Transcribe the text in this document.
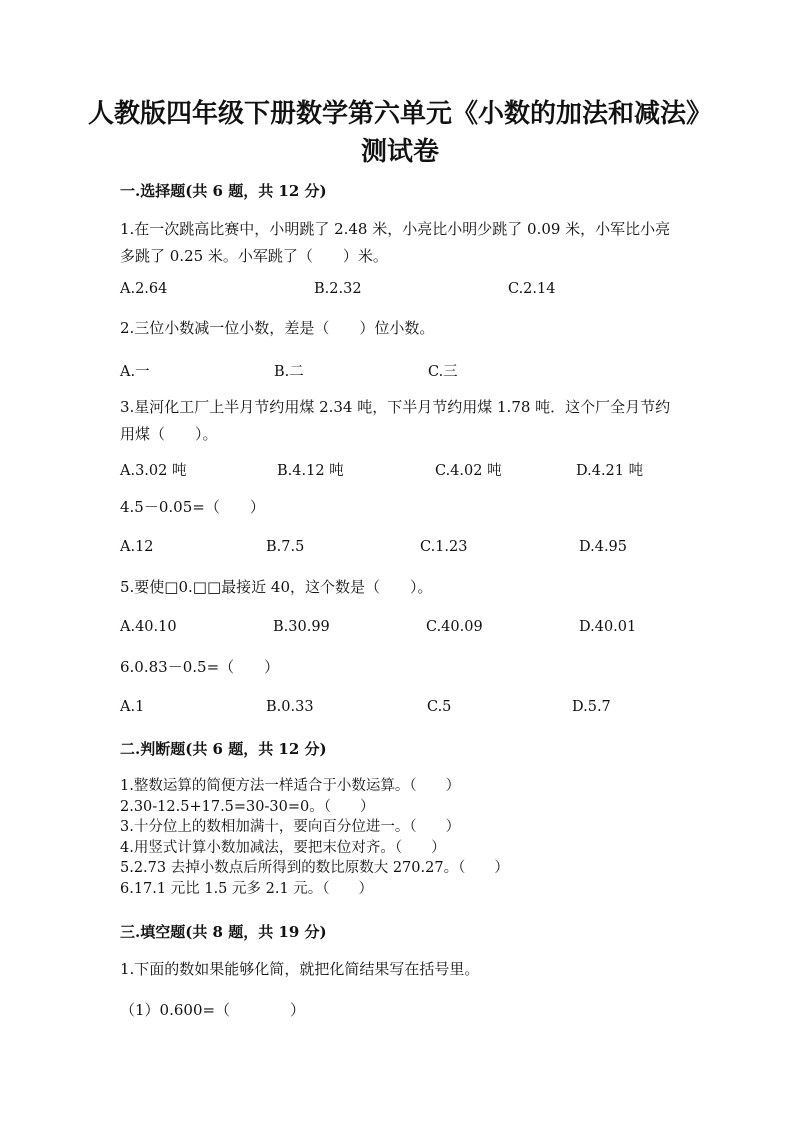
人教版四年级下册数学第六单元《小数的加法和减法》测试卷
一.选择题(共 6 题，共 12 分)
1.在一次跳高比赛中，小明跳了 2.48 米，小亮比小明少跳了 0.09 米，小军比小亮多跳了 0.25 米。小军跳了（　　）米。
A.2.64	B.2.32	C.2.14
2.三位小数减一位小数，差是（　　）位小数。
A.一	B.二	C.三
3.星河化工厂上半月节约用煤 2.34 吨，下半月节约用煤 1.78 吨．这个厂全月节约用煤（　　）。
A.3.02 吨	B.4.12 吨	C.4.02 吨	D.4.21 吨
4.5－0.05=（　　）
A.12	B.7.5	C.1.23	D.4.95
5.要使□0.□□最接近 40，这个数是（　　）。
A.40.10	B.30.99	C.40.09	D.40.01
6.0.83－0.5=（　　）
A.1	B.0.33	C.5	D.5.7
二.判断题(共 6 题，共 12 分)
1.整数运算的简便方法一样适合于小数运算。（　　）
2.30-12.5+17.5=30-30=0。（　　）
3.十分位上的数相加满十，要向百分位进一。（　　）
4.用竖式计算小数加减法，要把末位对齐。（　　）
5.2.73 去掉小数点后所得到的数比原数大 270.27。（　　）
6.17.1 元比 1.5 元多 2.1 元。（　　）
三.填空题(共 8 题，共 19 分)
1.下面的数如果能够化简，就把化简结果写在括号里。
（1）0.600=（　　　　）
